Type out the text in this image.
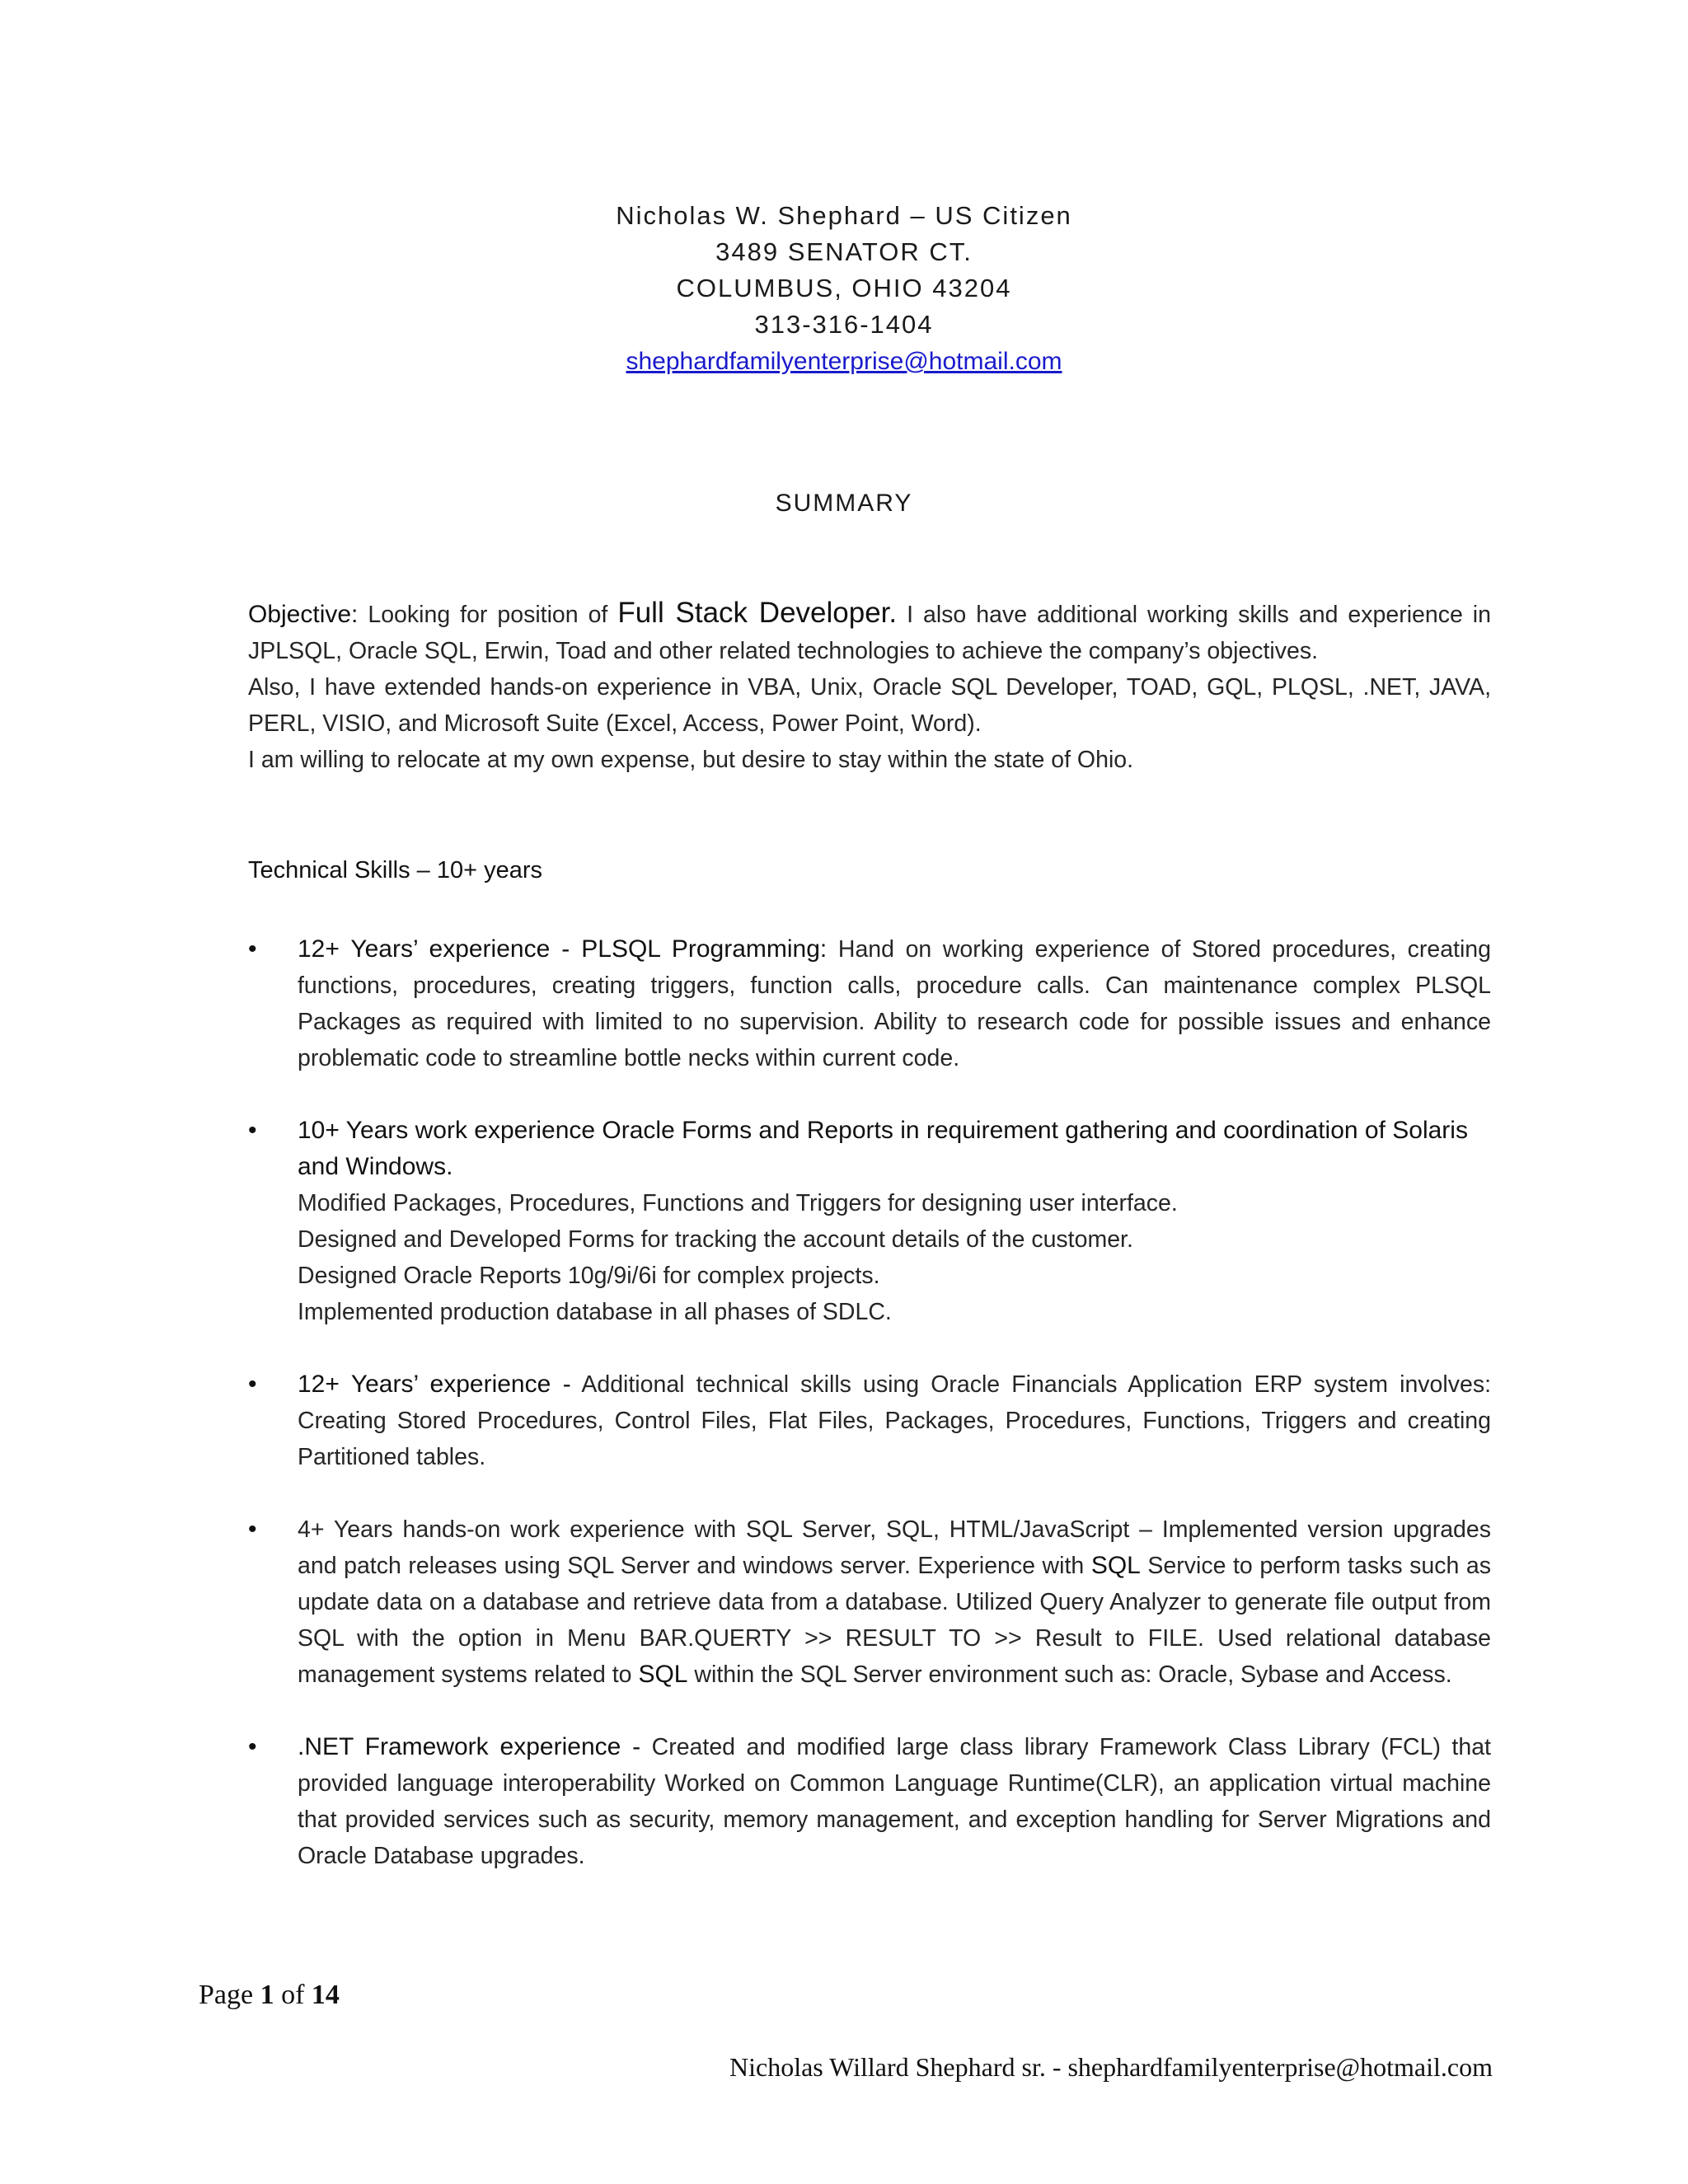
Nicholas W. Shephard – US Citizen
3489 SENATOR CT.
COLUMBUS, OHIO 43204
313-316-1404
shephardfamilyenterprise@hotmail.com
SUMMARY

Objective: Looking for position of Full Stack Developer. I also have additional working skills and experience in JPLSQL, Oracle SQL, Erwin, Toad and other related technologies to achieve the company’s objectives.

Also, I have extended hands-on experience in VBA, Unix, Oracle SQL Developer, TOAD, GQL, PLQSL, .NET, JAVA, PERL, VISIO, and Microsoft Suite (Excel, Access, Power Point, Word).

I am willing to relocate at my own expense, but desire to stay within the state of Ohio.

Technical Skills – 10+ years
• 12+ Years’ experience - PLSQL Programming: Hand on working experience of Stored procedures, creating functions, procedures, creating triggers, function calls, procedure calls. Can maintenance complex PLSQL Packages as required with limited to no supervision. Ability to research code for possible issues and enhance problematic code to streamline bottle necks within current code.
• 10+ Years work experience Oracle Forms and Reports in requirement gathering and coordination of Solaris and Windows.
Modified Packages, Procedures, Functions and Triggers for designing user interface.
Designed and Developed Forms for tracking the account details of the customer.
Designed Oracle Reports 10g/9i/6i for complex projects.
Implemented production database in all phases of SDLC.
• 12+ Years’ experience - Additional technical skills using Oracle Financials Application ERP system involves: Creating Stored Procedures, Control Files, Flat Files, Packages, Procedures, Functions, Triggers and creating Partitioned tables.
• 4+ Years hands-on work experience with SQL Server, SQL, HTML/JavaScript – Implemented version upgrades and patch releases using SQL Server and windows server. Experience with SQL Service to perform tasks such as update data on a database and retrieve data from a database. Utilized Query Analyzer to generate file output from SQL with the option in Menu BAR.QUERTY >> RESULT TO >> Result to FILE. Used relational database management systems related to SQL within the SQL Server environment such as: Oracle, Sybase and Access.
• .NET Framework experience - Created and modified large class library Framework Class Library (FCL) that provided language interoperability Worked on Common Language Runtime(CLR), an application virtual machine that provided services such as security, memory management, and exception handling for Server Migrations and Oracle Database upgrades.
Page 1 of 14
Nicholas Willard Shephard sr. - shephardfamilyenterprise@hotmail.com
